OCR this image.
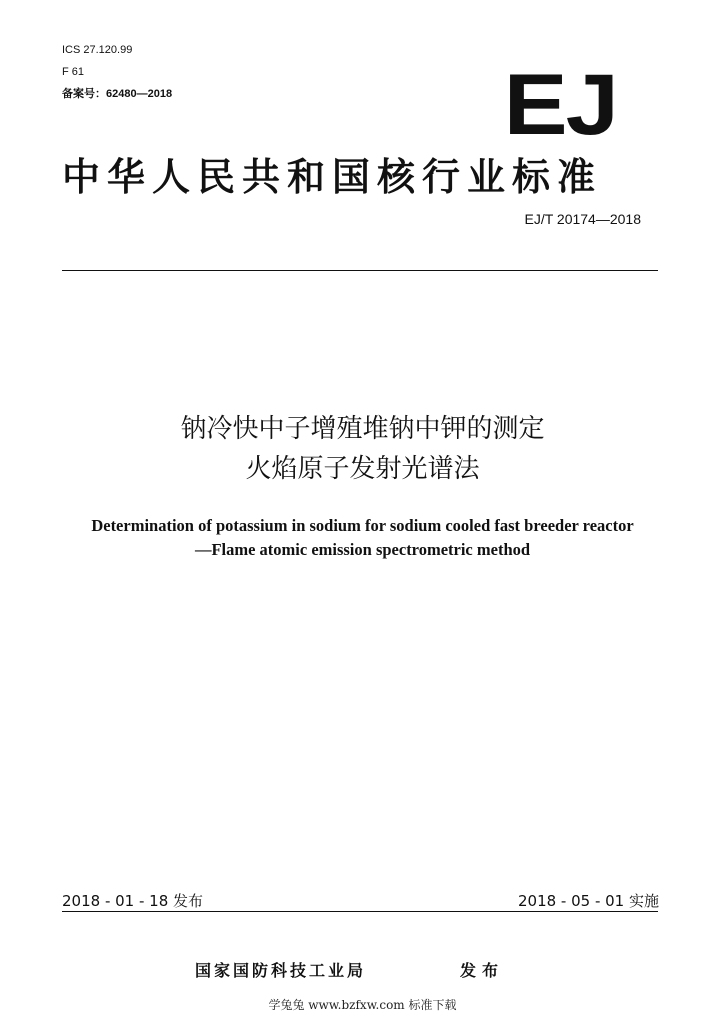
ICS 27.120.99
F 61
备案号：62480—2018	EJ
中华人民共和国核行业标准
EJ/T 20174—2018
钠冷快中子增殖堆钠中钾的测定
火焰原子发射光谱法
Determination of potassium in sodium for sodium cooled fast breeder reactor
—Flame atomic emission spectrometric method
2018 - 01 - 18 发布	2018 - 05 - 01 实施
国家国防科技工业局	发布
学兔兔 www.bzfxw.com 标准下载
